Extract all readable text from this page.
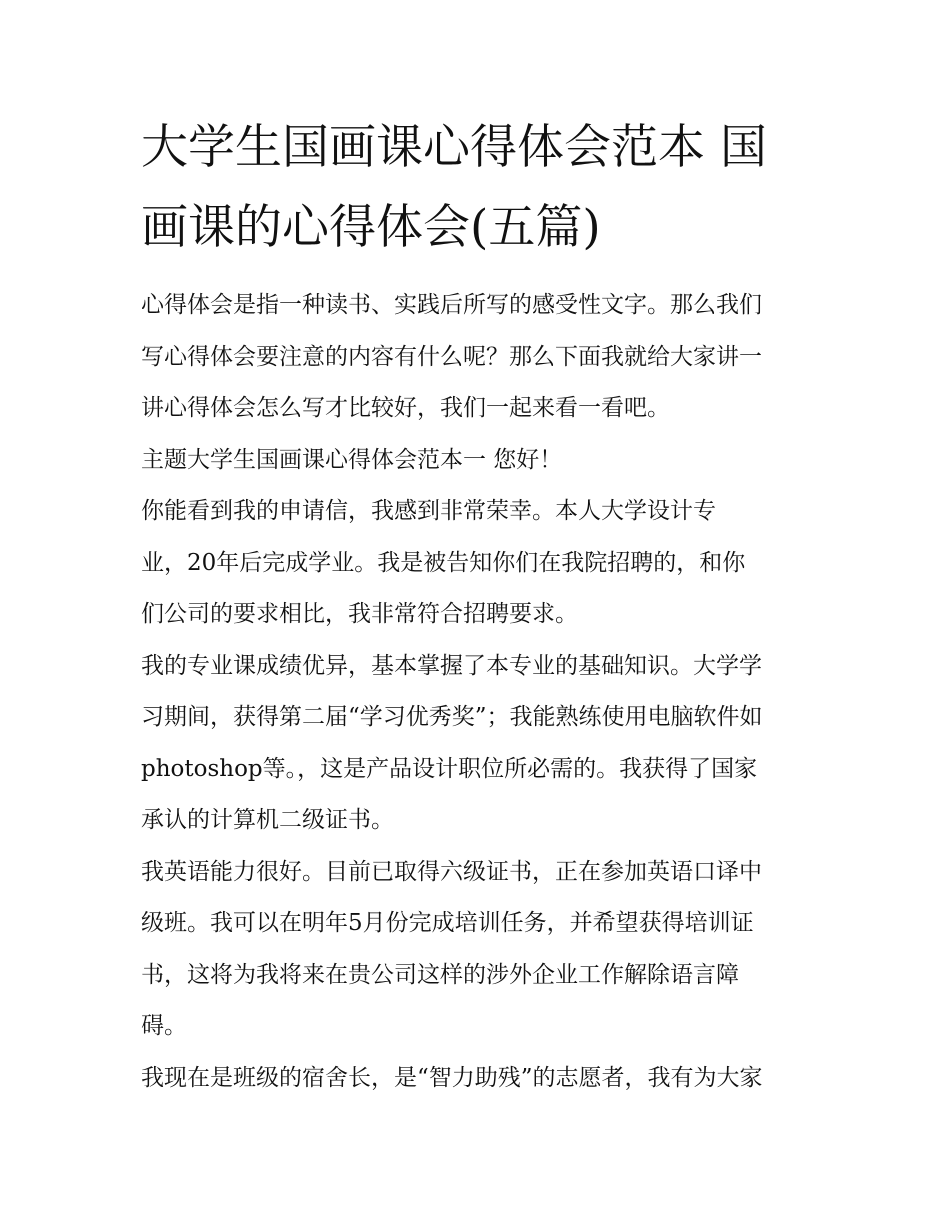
大学生国画课心得体会范本 国
画课的心得体会(五篇)

心得体会是指一种读书、实践后所写的感受性文字。那么我们
写心得体会要注意的内容有什么呢？那么下面我就给大家讲一
讲心得体会怎么写才比较好，我们一起来看一看吧。

主题大学生国画课心得体会范本一 您好！

你能看到我的申请信，我感到非常荣幸。本人大学设计专
业，20年后完成学业。我是被告知你们在我院招聘的，和你
们公司的要求相比，我非常符合招聘要求。

我的专业课成绩优异，基本掌握了本专业的基础知识。大学学
习期间，获得第二届“学习优秀奖”；我能熟练使用电脑软件如
photoshop等。，这是产品设计职位所必需的。我获得了国家
承认的计算机二级证书。

我英语能力很好。目前已取得六级证书，正在参加英语口译中
级班。我可以在明年5月份完成培训任务，并希望获得培训证
书，这将为我将来在贵公司这样的涉外企业工作解除语言障
碍。

我现在是班级的宿舍长，是“智力助残”的志愿者，我有为大家
